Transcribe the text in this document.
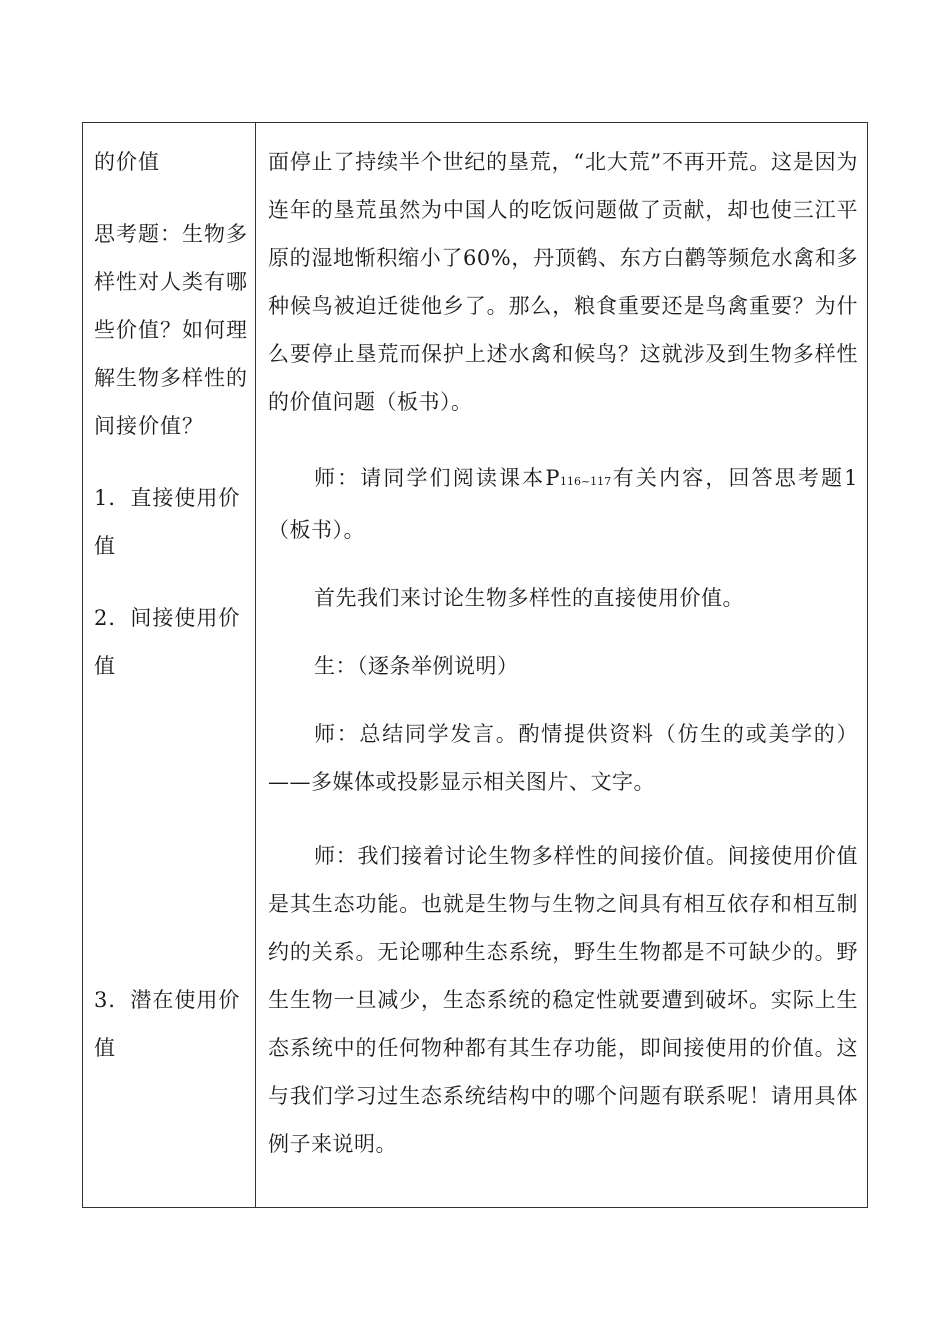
的价值
思考题：生物多样性对人类有哪些价值？如何理解生物多样性的间接价值？
1．直接使用价值
2．间接使用价值
3．潜在使用价值

面停止了持续半个世纪的垦荒，“北大荒”不再开荒。这是因为连年的垦荒虽然为中国人的吃饭问题做了贡献，却也使三江平原的湿地惭积缩小了60%，丹顶鹤、东方白鹳等频危水禽和多种候鸟被迫迁徙他乡了。那么，粮食重要还是鸟禽重要？为什么要停止垦荒而保护上述水禽和候鸟？这就涉及到生物多样性的价值问题（板书）。

师：请同学们阅读课本P116~117有关内容，回答思考题1（板书）。

首先我们来讨论生物多样性的直接使用价值。

生：（逐条举例说明）

师：总结同学发言。酌情提供资料（仿生的或美学的）——多媒体或投影显示相关图片、文字。

师：我们接着讨论生物多样性的间接价值。间接使用价值是其生态功能。也就是生物与生物之间具有相互依存和相互制约的关系。无论哪种生态系统，野生生物都是不可缺少的。野生生物一旦减少，生态系统的稳定性就要遭到破坏。实际上生态系统中的任何物种都有其生存功能，即间接使用的价值。这与我们学习过生态系统结构中的哪个问题有联系呢！请用具体例子来说明。
